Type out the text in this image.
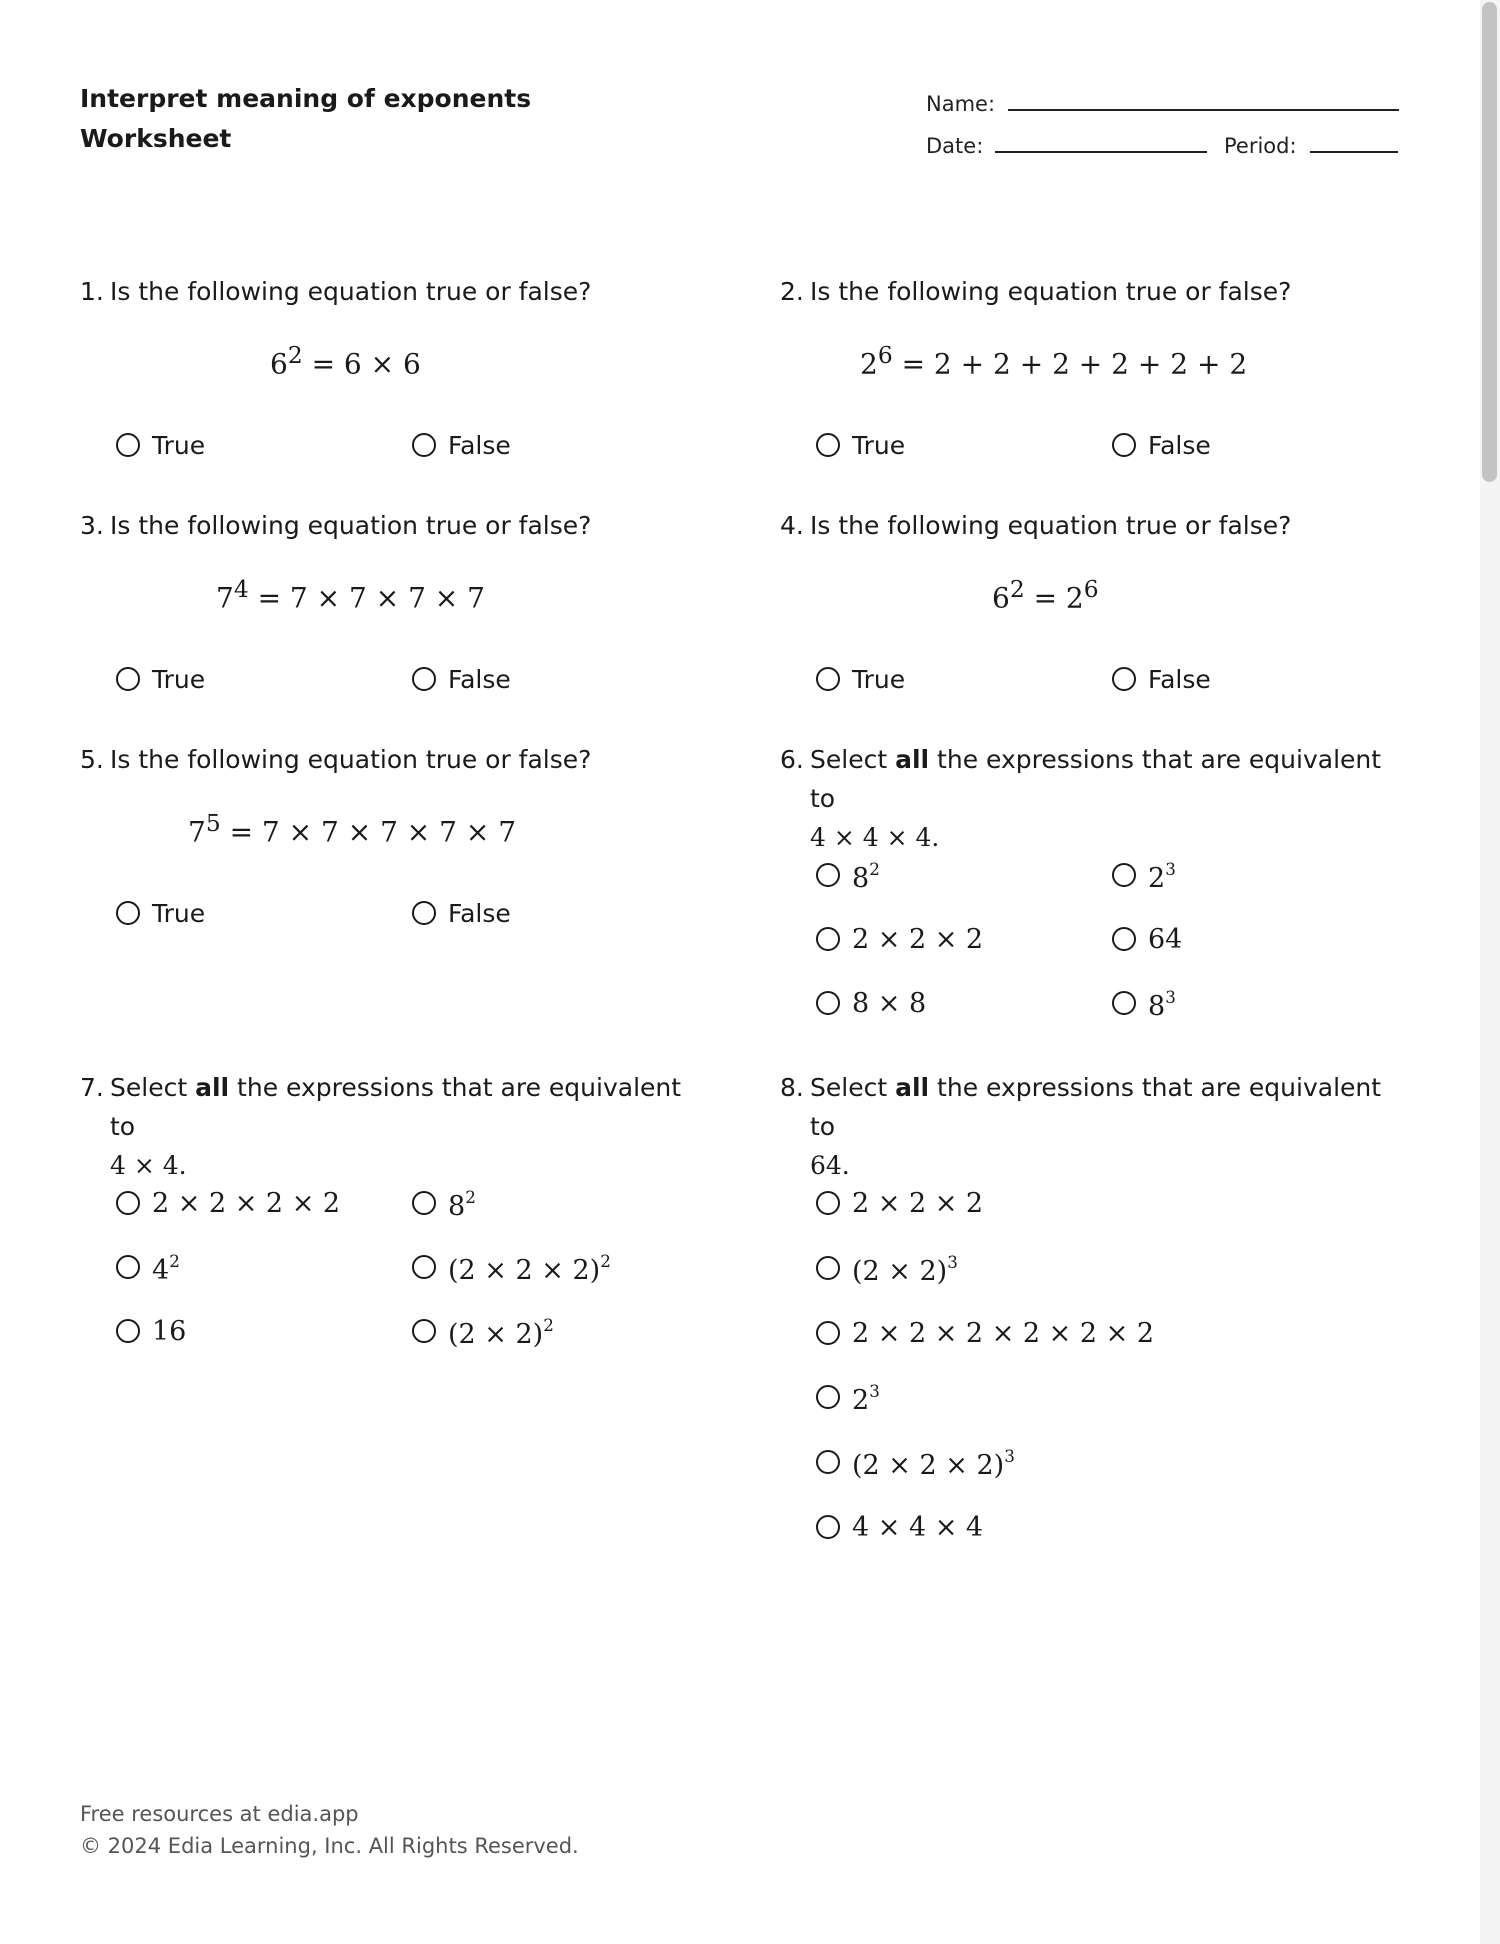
Interpret meaning of exponents
Worksheet
Name:
Date:	Period:
1. Is the following equation true or false?
$6^2 = 6 \times 6$
True	False
2. Is the following equation true or false?
$2^6 = 2 + 2 + 2 + 2 + 2 + 2$
True	False
3. Is the following equation true or false?
$7^4 = 7 \times 7 \times 7 \times 7$
True	False
4. Is the following equation true or false?
$6^2 = 2^6$
True	False
5. Is the following equation true or false?
$7^5 = 7 \times 7 \times 7 \times 7 \times 7$
True	False
6. Select all the expressions that are equivalent to
4 × 4 × 4.
$8^2$	$2^3$
2 × 2 × 2	64
8 × 8	$8^3$
7. Select all the expressions that are equivalent to
4 × 4.
2 × 2 × 2 × 2	$8^2$
$4^2$	$(2 \times 2 \times 2)^2$
16	$(2 \times 2)^2$
8. Select all the expressions that are equivalent to
64.
2 × 2 × 2
$(2 \times 2)^3$
2 × 2 × 2 × 2 × 2 × 2
$2^3$
$(2 \times 2 \times 2)^3$
4 × 4 × 4
Free resources at edia.app
© 2024 Edia Learning, Inc. All Rights Reserved.
